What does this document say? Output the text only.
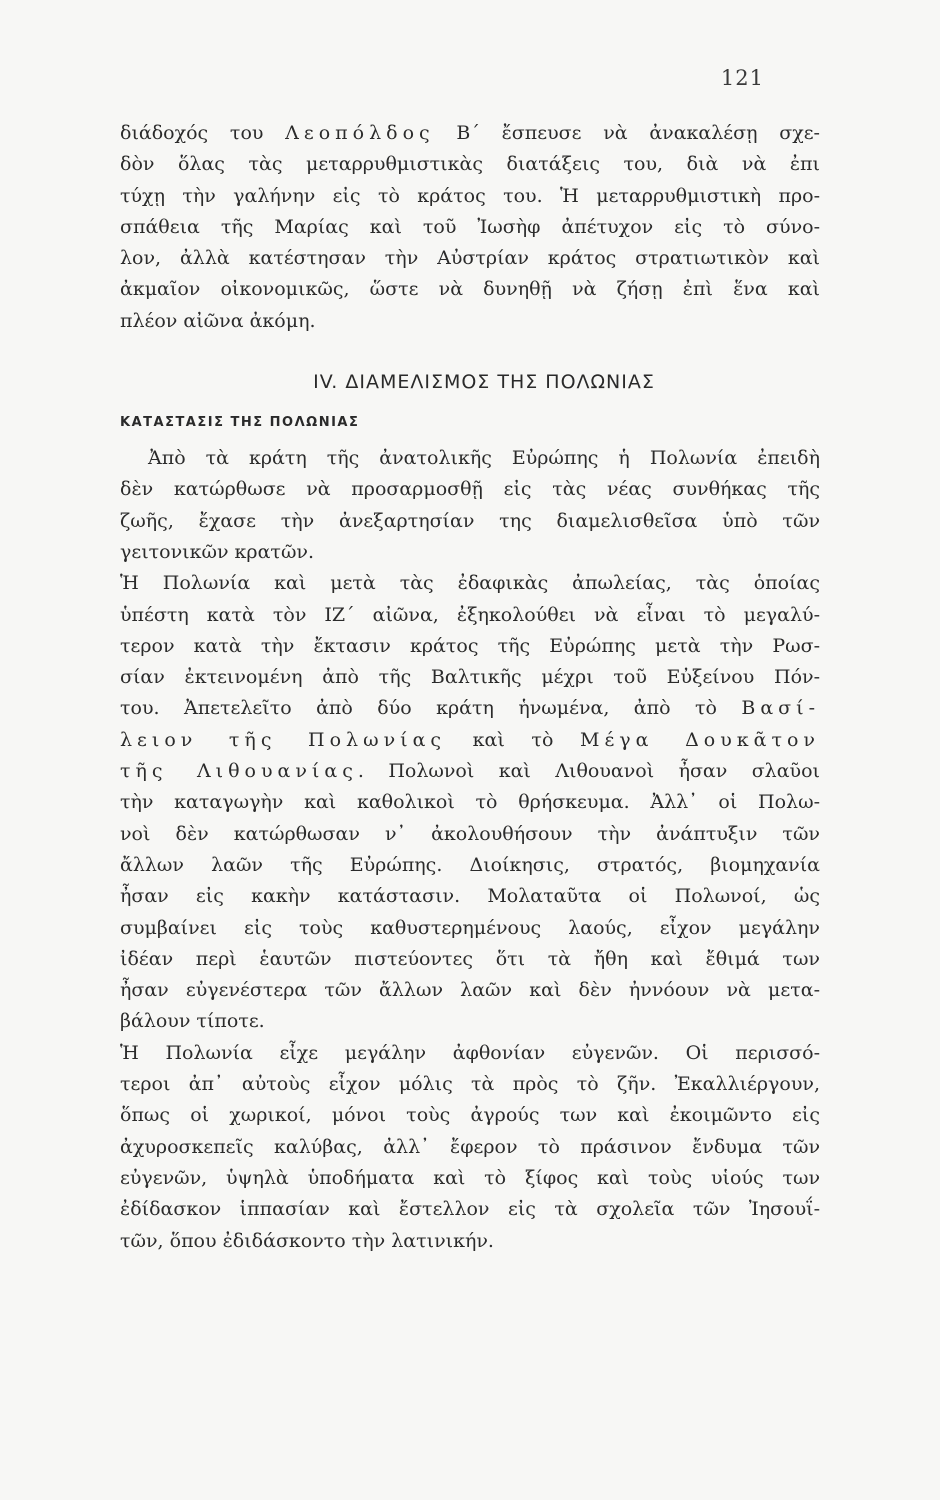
121

διάδοχός του Λεοπόλδος Β΄ ἔσπευσε νὰ ἀνακαλέσῃ σχε-

δὸν ὅλας τὰς μεταρρυθμιστικὰς διατάξεις του, διὰ νὰ ἐπι

τύχῃ τὴν γαλήνην εἰς τὸ κράτος του. Ἡ μεταρρυθμιστικὴ προ-

σπάθεια τῆς Μαρίας καὶ τοῦ Ἰωσὴφ ἀπέτυχον εἰς τὸ σύνο-

λον, ἀλλὰ κατέστησαν τὴν Αὐστρίαν κράτος στρατιωτικὸν καὶ

ἀκμαῖον οἰκονομικῶς, ὥστε νὰ δυνηθῇ νὰ ζήσῃ ἐπὶ ἕνα καὶ

πλέον αἰῶνα ἀκόμη.

IV. ΔΙΑΜΕΛΙΣΜΟΣ ΤΗΣ ΠΟΛΩΝΙΑΣ
ΚΑΤΑΣΤΑΣΙΣ ΤΗΣ ΠΟΛΩΝΙΑΣ

Ἀπὸ τὰ κράτη τῆς ἀνατολικῆς Εὐρώπης ἡ Πολωνία ἐπειδὴ

δὲν κατώρθωσε νὰ προσαρμοσθῇ εἰς τὰς νέας συνθήκας τῆς

ζωῆς, ἔχασε τὴν ἀνεξαρτησίαν της διαμελισθεῖσα ὑπὸ τῶν

γειτονικῶν κρατῶν.

Ἡ Πολωνία καὶ μετὰ τὰς ἐδαφικὰς ἀπωλείας, τὰς ὁποίας

ὑπέστη κατὰ τὸν ΙΖ΄ αἰῶνα, ἐξηκολούθει νὰ εἶναι τὸ μεγαλύ-

τερον κατὰ τὴν ἔκτασιν κράτος τῆς Εὐρώπης μετὰ τὴν Ρωσ-

σίαν ἐκτεινομένη ἀπὸ τῆς Βαλτικῆς μέχρι τοῦ Εὐξείνου Πόν-

του. Ἀπετελεῖτο ἀπὸ δύο κράτη ἡνωμένα, ἀπὸ τὸ Βασί-

λειον τῆς Πολωνίας καὶ τὸ Μέγα Δουκᾶτον

τῆς Λιθουανίας. Πολωνοὶ καὶ Λιθουανοὶ ἦσαν σλαῦοι

τὴν καταγωγὴν καὶ καθολικοὶ τὸ θρήσκευμα. Ἀλλ᾽ οἱ Πολω-

νοὶ δὲν κατώρθωσαν ν᾽ ἀκολουθήσουν τὴν ἀνάπτυξιν τῶν

ἄλλων λαῶν τῆς Εὐρώπης. Διοίκησις, στρατός, βιομηχανία

ἦσαν εἰς κακὴν κατάστασιν. Μολαταῦτα οἱ Πολωνοί, ὡς

συμβαίνει εἰς τοὺς καθυστερημένους λαούς, εἶχον μεγάλην

ἰδέαν περὶ ἑαυτῶν πιστεύοντες ὅτι τὰ ἤθη καὶ ἔθιμά των

ἦσαν εὐγενέστερα τῶν ἄλλων λαῶν καὶ δὲν ἠννόουν νὰ μετα-

βάλουν τίποτε.

Ἡ Πολωνία εἶχε μεγάλην ἀφθονίαν εὐγενῶν. Οἱ περισσό-

τεροι ἀπ᾽ αὐτοὺς εἶχον μόλις τὰ πρὸς τὸ ζῆν. Ἐκαλλιέργουν,

ὅπως οἱ χωρικοί, μόνοι τοὺς ἀγρούς των καὶ ἐκοιμῶντο εἰς

ἀχυροσκεπεῖς καλύβας, ἀλλ᾽ ἔφερον τὸ πράσινον ἔνδυμα τῶν

εὐγενῶν, ὑψηλὰ ὑποδήματα καὶ τὸ ξίφος καὶ τοὺς υἱούς των

ἐδίδασκον ἱππασίαν καὶ ἔστελλον εἰς τὰ σχολεῖα τῶν Ἰησουΐ-

τῶν, ὅπου ἐδιδάσκοντο τὴν λατινικήν.
